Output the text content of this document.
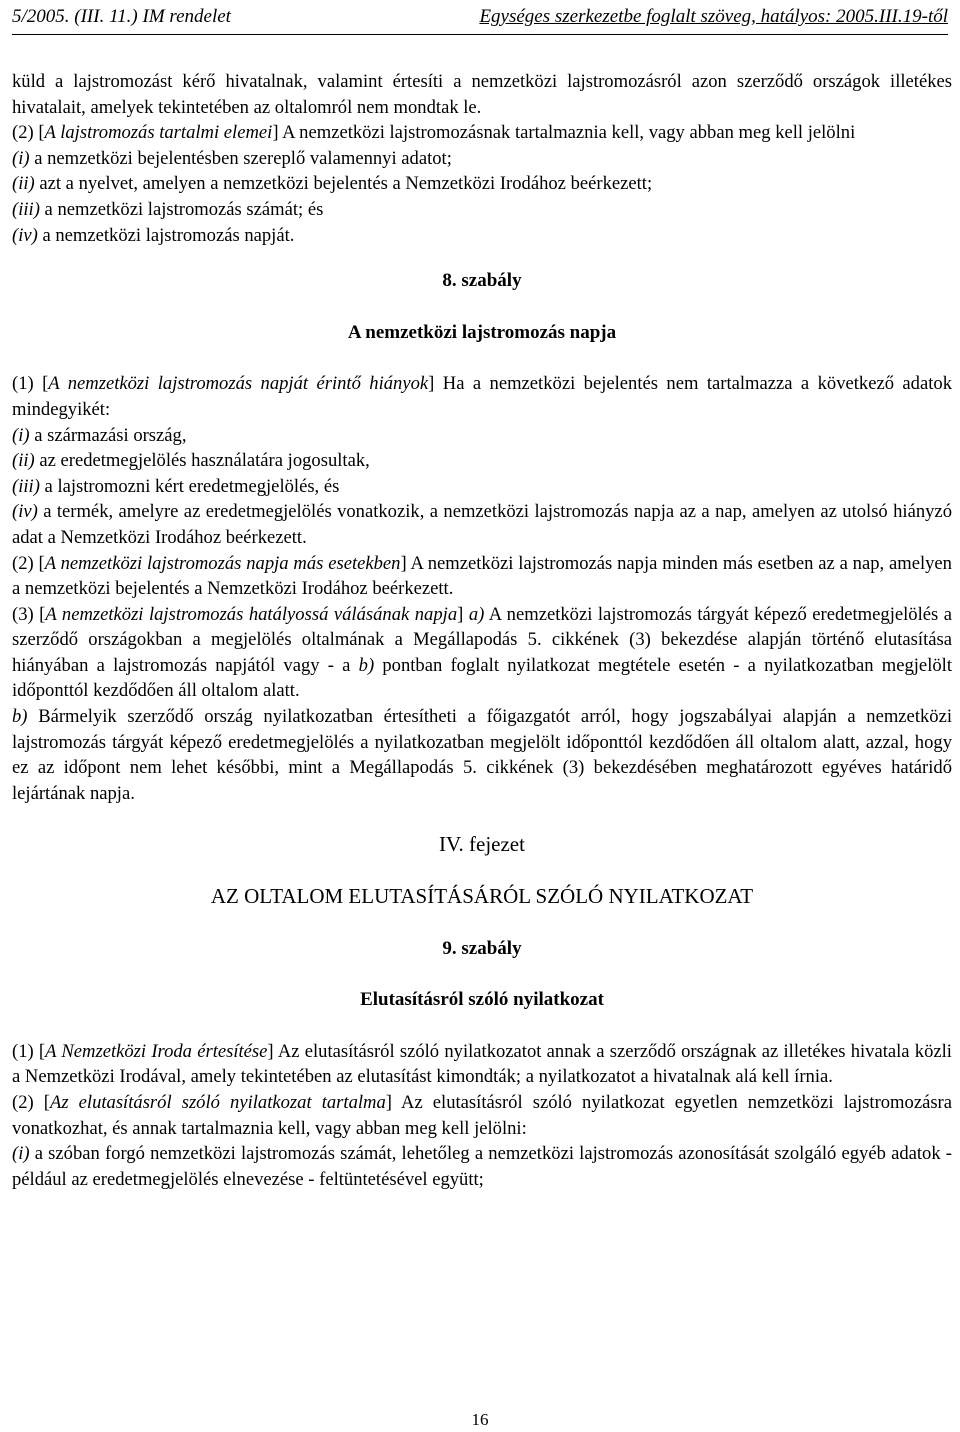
5/2005. (III. 11.) IM rendelet	Egységes szerkezetbe foglalt szöveg, hatályos: 2005.III.19-től

küld a lajstromozást kérő hivatalnak, valamint értesíti a nemzetközi lajstromozásról azon szerződő országok illetékes hivatalait, amelyek tekintetében az oltalomról nem mondtak le.

(2) [A lajstromozás tartalmi elemei] A nemzetközi lajstromozásnak tartalmaznia kell, vagy abban meg kell jelölni

(i) a nemzetközi bejelentésben szereplő valamennyi adatot;

(ii) azt a nyelvet, amelyen a nemzetközi bejelentés a Nemzetközi Irodához beérkezett;

(iii) a nemzetközi lajstromozás számát; és

(iv) a nemzetközi lajstromozás napját.

8. szabály

A nemzetközi lajstromozás napja

(1) [A nemzetközi lajstromozás napját érintő hiányok] Ha a nemzetközi bejelentés nem tartalmazza a következő adatok mindegyikét:

(i) a származási ország,

(ii) az eredetmegjelölés használatára jogosultak,

(iii) a lajstromozni kért eredetmegjelölés, és

(iv) a termék, amelyre az eredetmegjelölés vonatkozik, a nemzetközi lajstromozás napja az a nap, amelyen az utolsó hiányzó adat a Nemzetközi Irodához beérkezett.

(2) [A nemzetközi lajstromozás napja más esetekben] A nemzetközi lajstromozás napja minden más esetben az a nap, amelyen a nemzetközi bejelentés a Nemzetközi Irodához beérkezett.

(3) [A nemzetközi lajstromozás hatályossá válásának napja] a) A nemzetközi lajstromozás tárgyát képező eredetmegjelölés a szerződő országokban a megjelölés oltalmának a Megállapodás 5. cikkének (3) bekezdése alapján történő elutasítása hiányában a lajstromozás napjától vagy - a b) pontban foglalt nyilatkozat megtétele esetén - a nyilatkozatban megjelölt időponttól kezdődően áll oltalom alatt.

b) Bármelyik szerződő ország nyilatkozatban értesítheti a főigazgatót arról, hogy jogszabályai alapján a nemzetközi lajstromozás tárgyát képező eredetmegjelölés a nyilatkozatban megjelölt időponttól kezdődően áll oltalom alatt, azzal, hogy ez az időpont nem lehet későbbi, mint a Megállapodás 5. cikkének (3) bekezdésében meghatározott egyéves határidő lejártának napja.

IV. fejezet

AZ OLTALOM ELUTASÍTÁSÁRÓL SZÓLÓ NYILATKOZAT

9. szabály

Elutasításról szóló nyilatkozat

(1) [A Nemzetközi Iroda értesítése] Az elutasításról szóló nyilatkozatot annak a szerződő országnak az illetékes hivatala közli a Nemzetközi Irodával, amely tekintetében az elutasítást kimondták; a nyilatkozatot a hivatalnak alá kell írnia.

(2) [Az elutasításról szóló nyilatkozat tartalma] Az elutasításról szóló nyilatkozat egyetlen nemzetközi lajstromozásra vonatkozhat, és annak tartalmaznia kell, vagy abban meg kell jelölni:

(i) a szóban forgó nemzetközi lajstromozás számát, lehetőleg a nemzetközi lajstromozás azonosítását szolgáló egyéb adatok - például az eredetmegjelölés elnevezése - feltüntetésével együtt;

16
